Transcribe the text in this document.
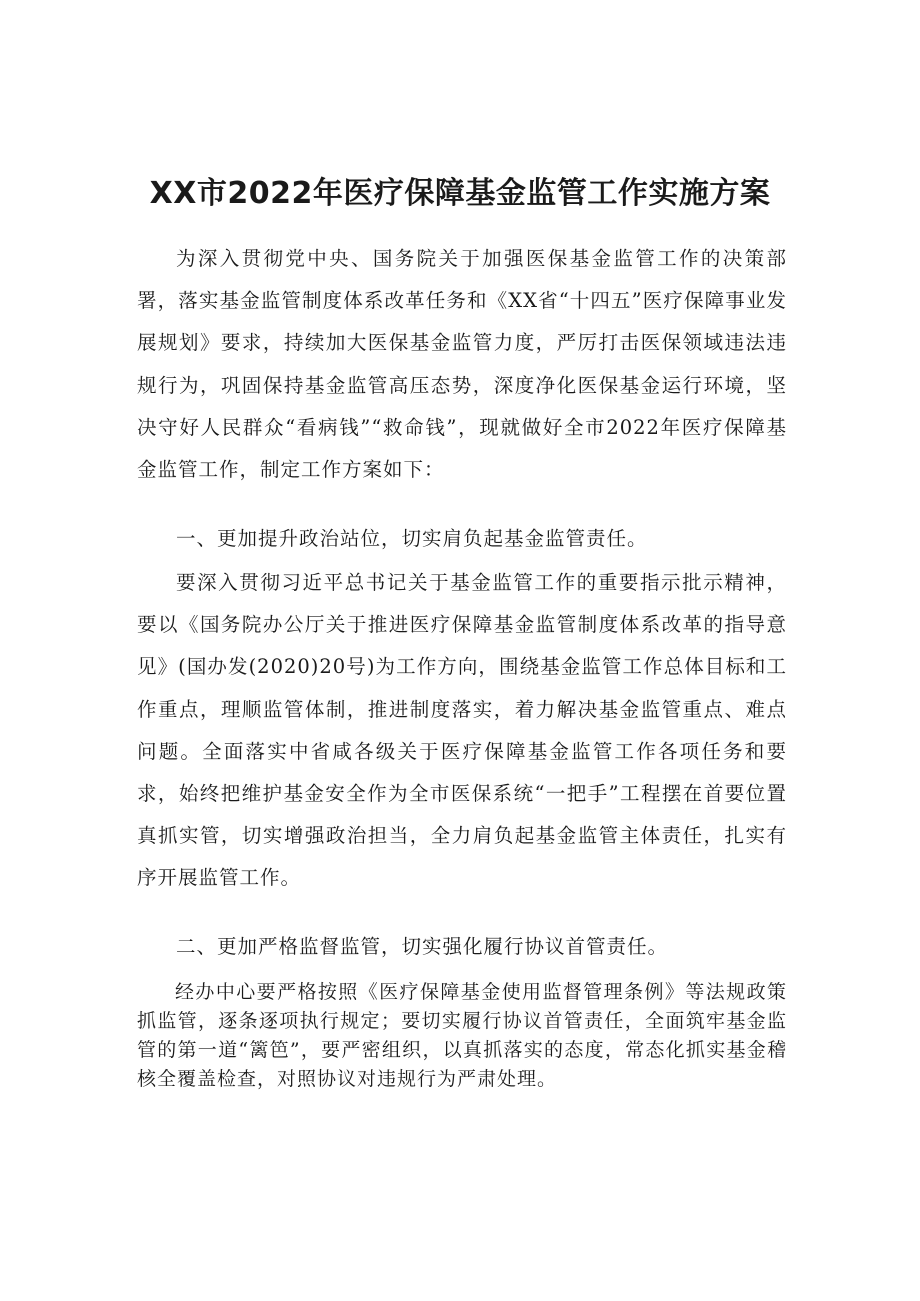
XX市2022年医疗保障基金监管工作实施方案

为深入贯彻党中央、国务院关于加强医保基金监管工作的决策部署，落实基金监管制度体系改革任务和《XX省“十四五”医疗保障事业发展规划》要求，持续加大医保基金监管力度，严厉打击医保领域违法违规行为，巩固保持基金监管高压态势，深度净化医保基金运行环境，坚决守好人民群众“看病钱”“救命钱”，现就做好全市2022年医疗保障基金监管工作，制定工作方案如下：

一、更加提升政治站位，切实肩负起基金监管责任。

要深入贯彻习近平总书记关于基金监管工作的重要指示批示精神，要以《国务院办公厅关于推进医疗保障基金监管制度体系改革的指导意见》(国办发(2020)20号)为工作方向，围绕基金监管工作总体目标和工作重点，理顺监管体制，推进制度落实，着力解决基金监管重点、难点问题。全面落实中省咸各级关于医疗保障基金监管工作各项任务和要求，始终把维护基金安全作为全市医保系统“一把手”工程摆在首要位置真抓实管，切实增强政治担当，全力肩负起基金监管主体责任，扎实有序开展监管工作。

二、更加严格监督监管，切实强化履行协议首管责任。

经办中心要严格按照《医疗保障基金使用监督管理条例》等法规政策抓监管，逐条逐项执行规定；要切实履行协议首管责任，全面筑牢基金监管的第一道“篱笆”，要严密组织，以真抓落实的态度，常态化抓实基金稽核全覆盖检查，对照协议对违规行为严肃处理。
